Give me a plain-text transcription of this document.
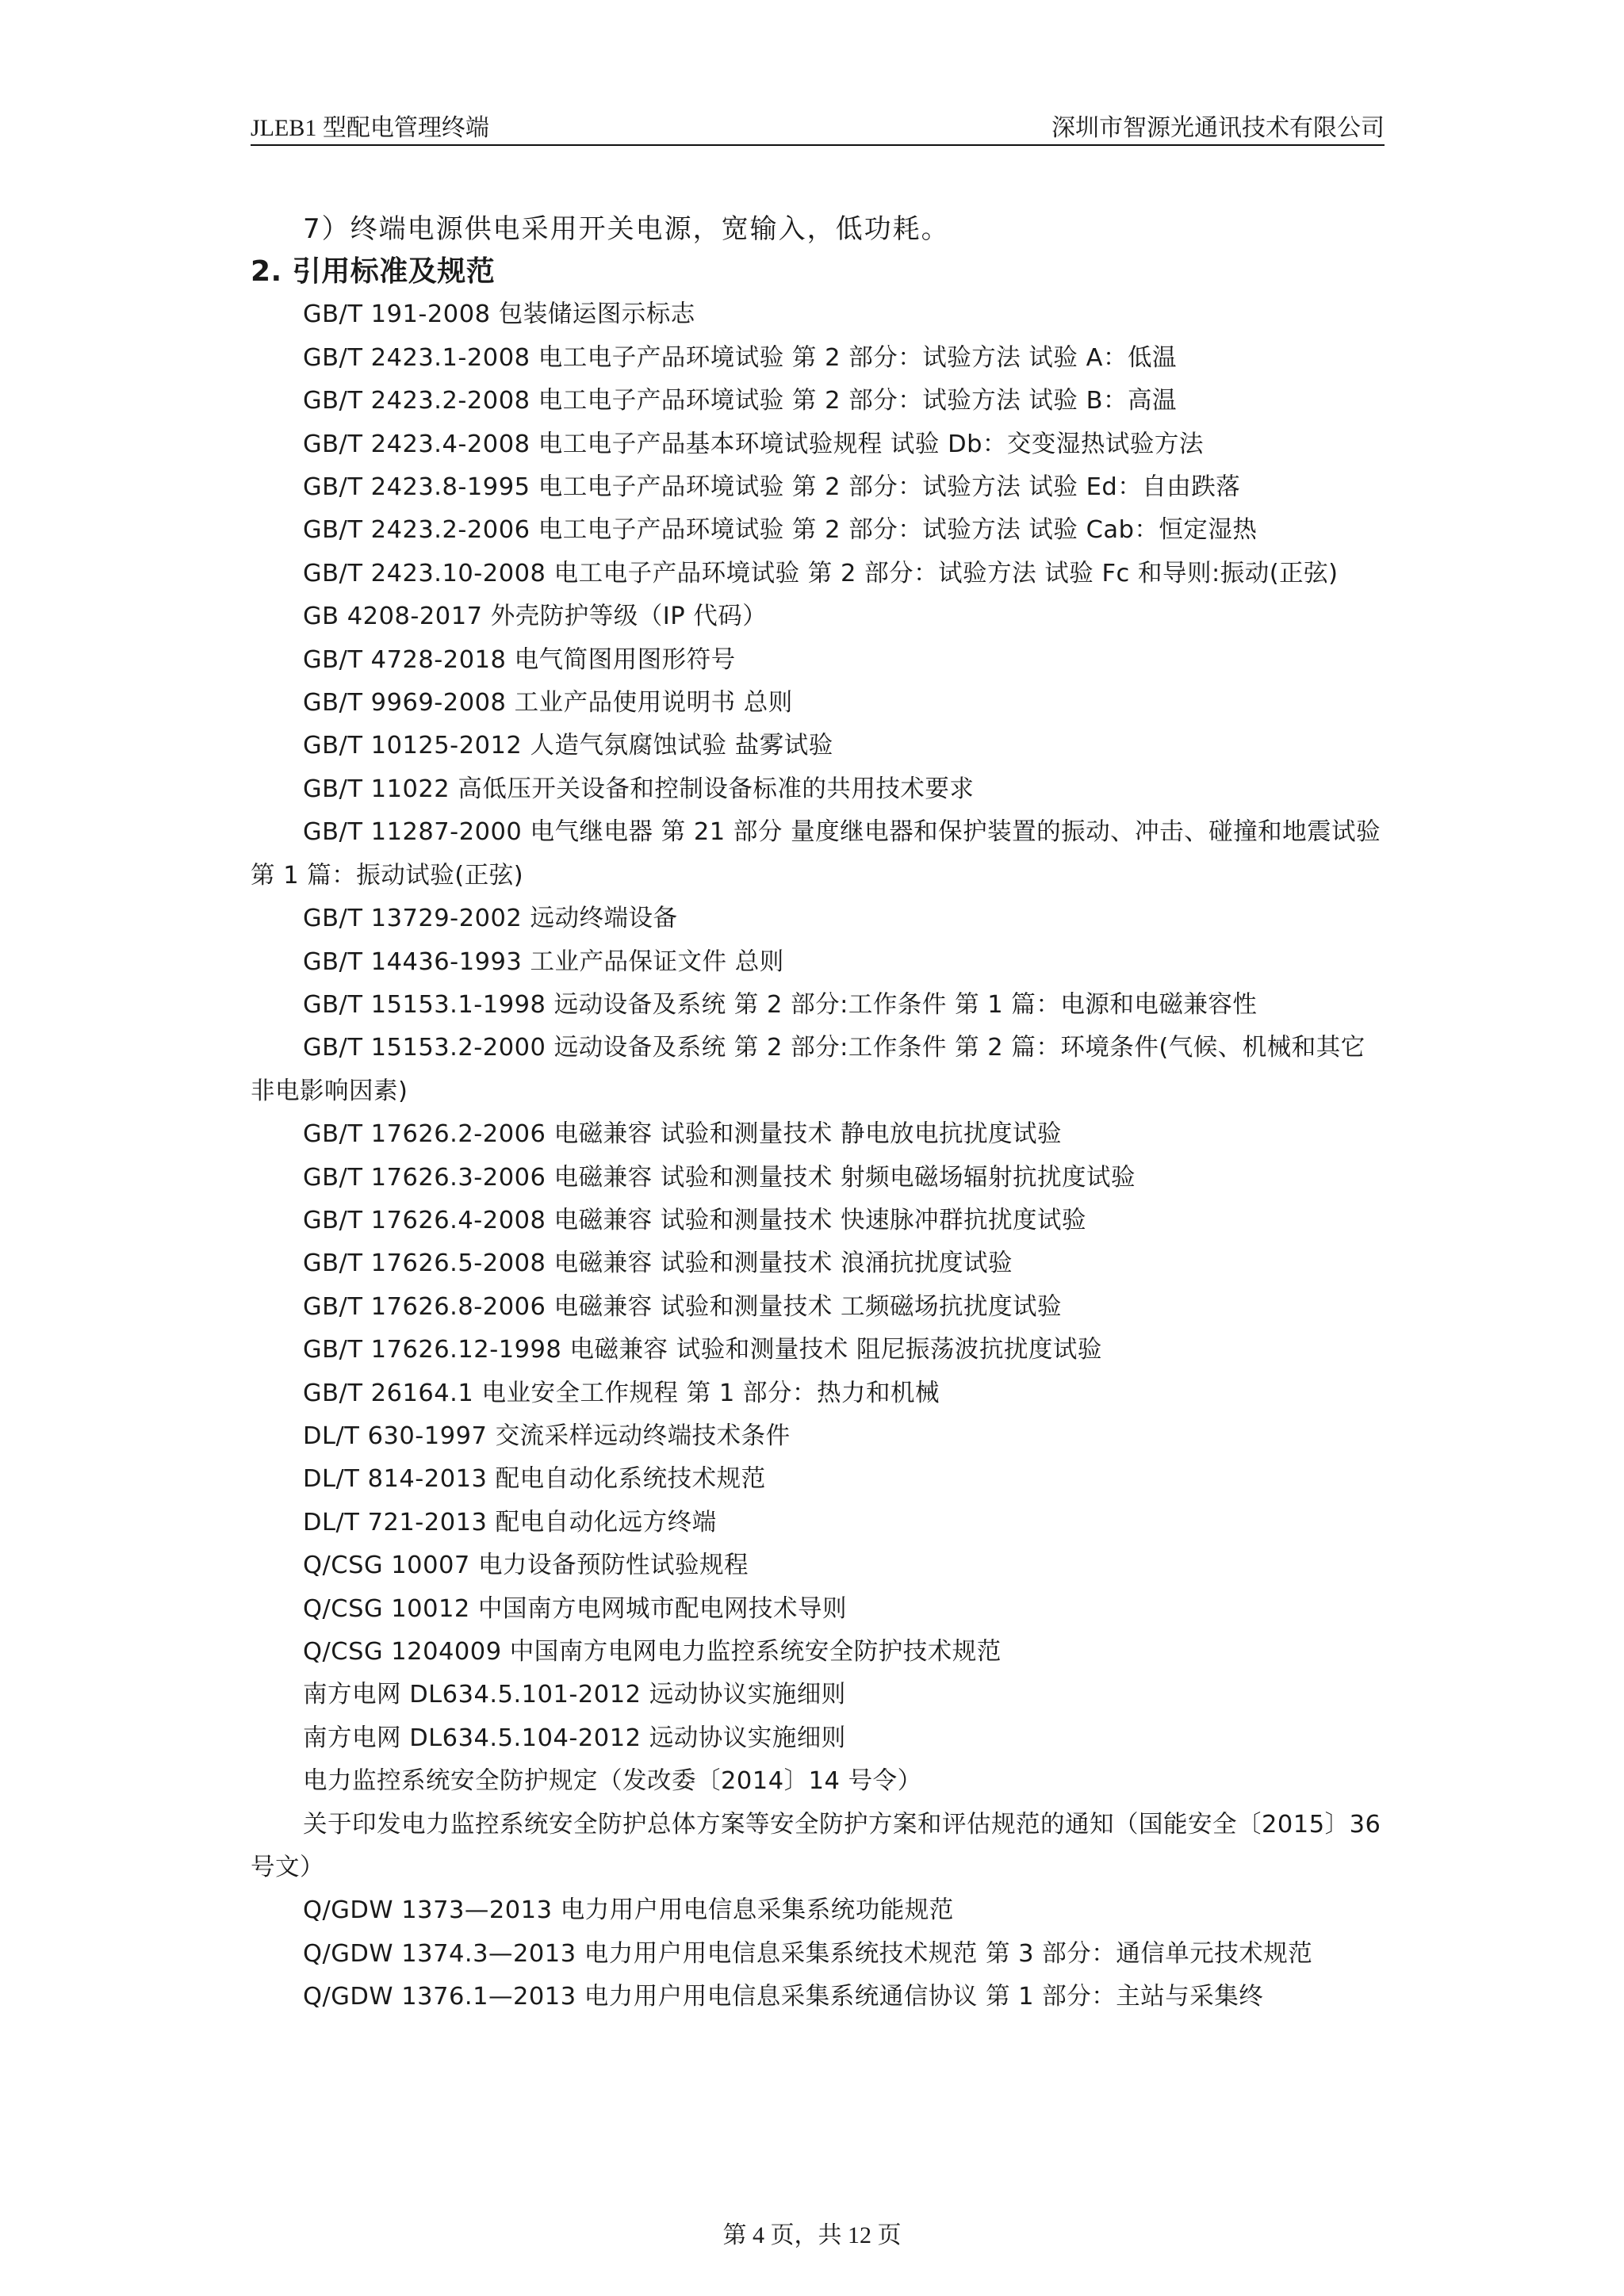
JLEB1 型配电管理终端	深圳市智源光通讯技术有限公司

7）终端电源供电采用开关电源，宽输入，低功耗。

2. 引用标准及规范

GB/T 191-2008 包装储运图示标志

GB/T 2423.1-2008 电工电子产品环境试验 第 2 部分：试验方法 试验 A：低温

GB/T 2423.2-2008 电工电子产品环境试验 第 2 部分：试验方法 试验 B：高温

GB/T 2423.4-2008 电工电子产品基本环境试验规程 试验 Db：交变湿热试验方法

GB/T 2423.8-1995 电工电子产品环境试验 第 2 部分：试验方法 试验 Ed：自由跌落

GB/T 2423.2-2006 电工电子产品环境试验 第 2 部分：试验方法 试验 Cab：恒定湿热

GB/T 2423.10-2008 电工电子产品环境试验 第 2 部分：试验方法 试验 Fc 和导则:振动(正弦)

GB 4208-2017 外壳防护等级（IP 代码）

GB/T 4728-2018 电气简图用图形符号

GB/T 9969-2008 工业产品使用说明书 总则

GB/T 10125-2012 人造气氛腐蚀试验 盐雾试验

GB/T 11022 高低压开关设备和控制设备标准的共用技术要求

GB/T 11287-2000 电气继电器 第 21 部分 量度继电器和保护装置的振动、冲击、碰撞和地震试验 第 1 篇：振动试验(正弦)

GB/T 13729-2002 远动终端设备

GB/T 14436-1993 工业产品保证文件 总则

GB/T 15153.1-1998 远动设备及系统 第 2 部分:工作条件 第 1 篇：电源和电磁兼容性

GB/T 15153.2-2000 远动设备及系统 第 2 部分:工作条件 第 2 篇：环境条件(气候、机械和其它非电影响因素)

GB/T 17626.2-2006 电磁兼容 试验和测量技术 静电放电抗扰度试验

GB/T 17626.3-2006 电磁兼容 试验和测量技术 射频电磁场辐射抗扰度试验

GB/T 17626.4-2008 电磁兼容 试验和测量技术 快速脉冲群抗扰度试验

GB/T 17626.5-2008 电磁兼容 试验和测量技术 浪涌抗扰度试验

GB/T 17626.8-2006 电磁兼容 试验和测量技术 工频磁场抗扰度试验

GB/T 17626.12-1998 电磁兼容 试验和测量技术 阻尼振荡波抗扰度试验

GB/T 26164.1 电业安全工作规程 第 1 部分：热力和机械

DL/T 630-1997 交流采样远动终端技术条件

DL/T 814-2013 配电自动化系统技术规范

DL/T 721-2013 配电自动化远方终端

Q/CSG 10007 电力设备预防性试验规程

Q/CSG 10012 中国南方电网城市配电网技术导则

Q/CSG 1204009 中国南方电网电力监控系统安全防护技术规范

南方电网 DL634.5.101-2012 远动协议实施细则

南方电网 DL634.5.104-2012 远动协议实施细则

电力监控系统安全防护规定（发改委〔2014〕14 号令）

关于印发电力监控系统安全防护总体方案等安全防护方案和评估规范的通知（国能安全〔2015〕36 号文）

Q/GDW 1373—2013 电力用户用电信息采集系统功能规范

Q/GDW 1374.3—2013 电力用户用电信息采集系统技术规范 第 3 部分：通信单元技术规范

Q/GDW 1376.1—2013 电力用户用电信息采集系统通信协议 第 1 部分：主站与采集终

第 4 页，共 12 页
